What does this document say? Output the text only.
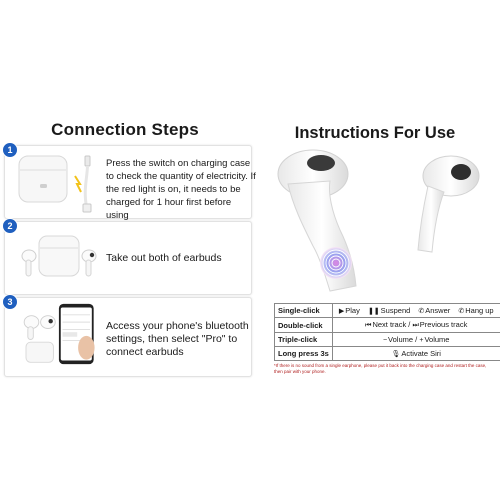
Connection Steps
1
Press the switch on charging case to check the quantity of electricity. If the red light is on, it needs to be charged for 1 hour first before using
2
Take out both of earbuds
3
Access your phone's bluetooth settings, then select "Pro" to connect earbuds
Instructions For Use
Single-click	▶Play ❚❚Suspend ✆Answer ✆Hang up
Double-click	⏮Next track / ⏭Previous track
Triple-click	−Volume / +Volume
Long press 3s	🎙Activate Siri
*If there is no sound from a single earphone, please put it back into the charging case and restart the case, then pair with your phone.
